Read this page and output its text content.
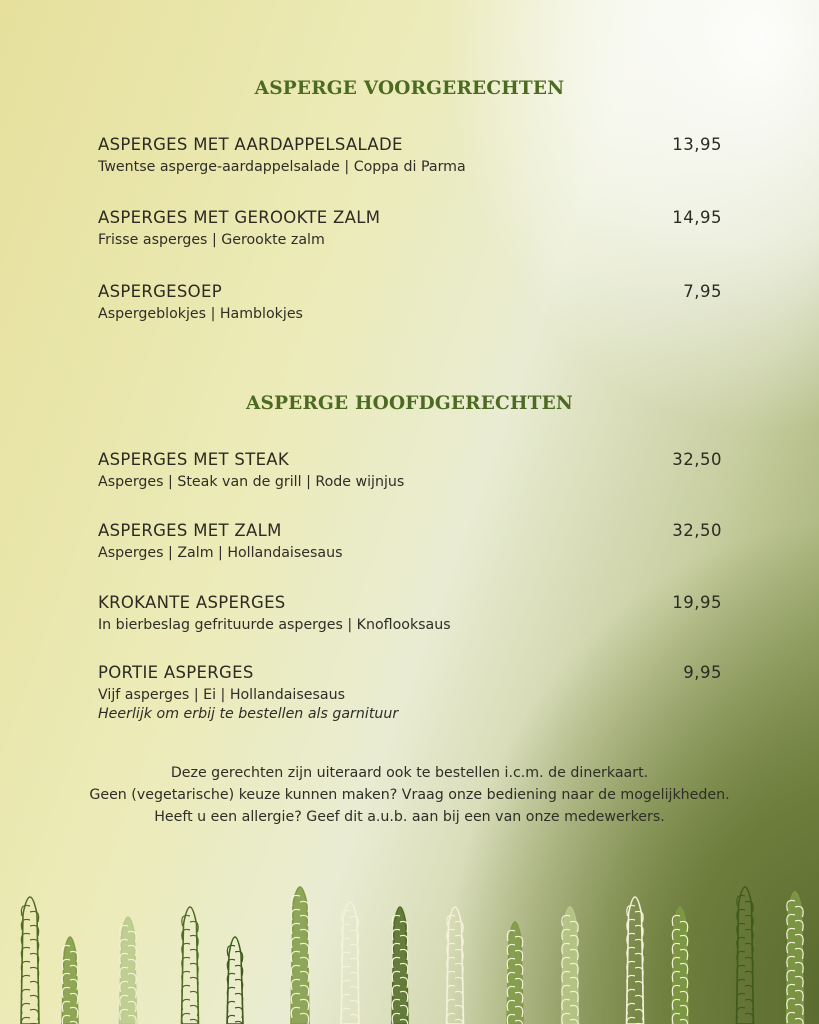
ASPERGE VOORGERECHTEN
ASPERGES MET AARDAPPELSALADE	13,95
Twentse asperge-aardappelsalade | Coppa di Parma
ASPERGES MET GEROOKTE ZALM	14,95
Frisse asperges | Gerookte zalm
ASPERGESOEP	7,95
Aspergeblokjes | Hamblokjes
ASPERGE HOOFDGERECHTEN
ASPERGES MET STEAK	32,50
Asperges | Steak van de grill | Rode wijnjus
ASPERGES MET ZALM	32,50
Asperges | Zalm | Hollandaisesaus
KROKANTE ASPERGES	19,95
In bierbeslag gefrituurde asperges | Knoflooksaus
PORTIE ASPERGES	9,95
Vijf asperges | Ei | Hollandaisesaus
Heerlijk om erbij te bestellen als garnituur
Deze gerechten zijn uiteraard ook te bestellen i.c.m. de dinerkaart.
Geen (vegetarische) keuze kunnen maken? Vraag onze bediening naar de mogelijkheden.
Heeft u een allergie? Geef dit a.u.b. aan bij een van onze medewerkers.
